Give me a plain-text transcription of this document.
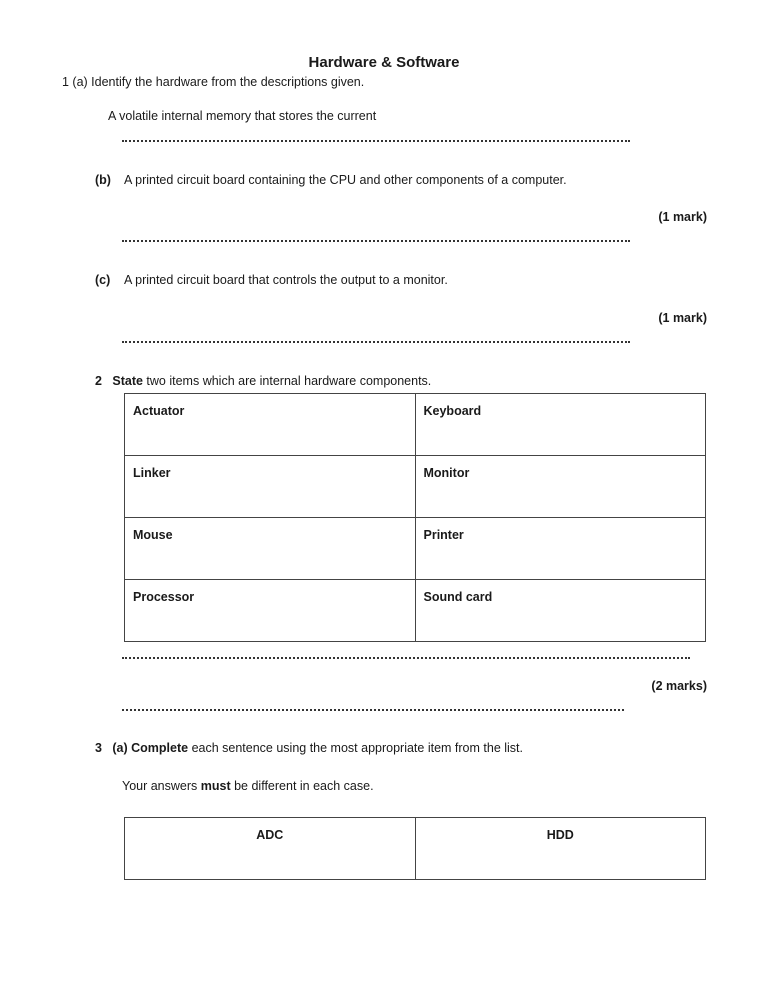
Hardware & Software
1 (a) Identify the hardware from the descriptions given.
A volatile internal memory that stores the current
(b) A printed circuit board containing the CPU and other components of a computer.
(1 mark)
(c) A printed circuit board that controls the output to a monitor.
(1 mark)
2 State two items which are internal hardware components.
Actuator	Keyboard
Linker	Monitor
Mouse	Printer
Processor	Sound card
(2 marks)
3 (a) Complete each sentence using the most appropriate item from the list.
Your answers must be different in each case.
ADC	HDD
